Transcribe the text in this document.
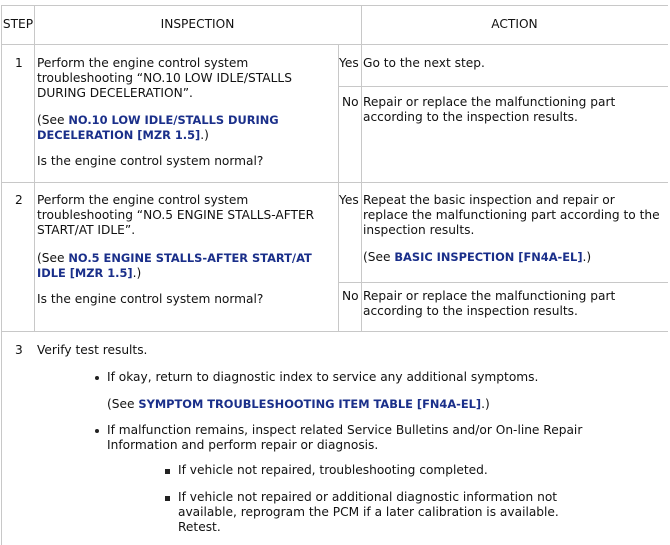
STEP	INSPECTION	ACTION
1 Perform the engine control system
troubleshooting “NO.10 LOW IDLE/STALLS
DURING DECELERATION”.
(See NO.10 LOW IDLE/STALLS DURING
DECELERATION [MZR 1.5].)
Is the engine control system normal?
Yes Go to the next step.
No Repair or replace the malfunctioning part
according to the inspection results.
2 Perform the engine control system
troubleshooting “NO.5 ENGINE STALLS-AFTER
START/AT IDLE”.
(See NO.5 ENGINE STALLS-AFTER START/AT
IDLE [MZR 1.5].)
Is the engine control system normal?
Yes Repeat the basic inspection and repair or
replace the malfunctioning part according to the
inspection results.
(See BASIC INSPECTION [FN4A-EL].)
No Repair or replace the malfunctioning part
according to the inspection results.
3 Verify test results.
If okay, return to diagnostic index to service any additional symptoms.
(See SYMPTOM TROUBLESHOOTING ITEM TABLE [FN4A-EL].)
If malfunction remains, inspect related Service Bulletins and/or On-line Repair
Information and perform repair or diagnosis.
If vehicle not repaired, troubleshooting completed.
If vehicle not repaired or additional diagnostic information not
available, reprogram the PCM if a later calibration is available.
Retest.
